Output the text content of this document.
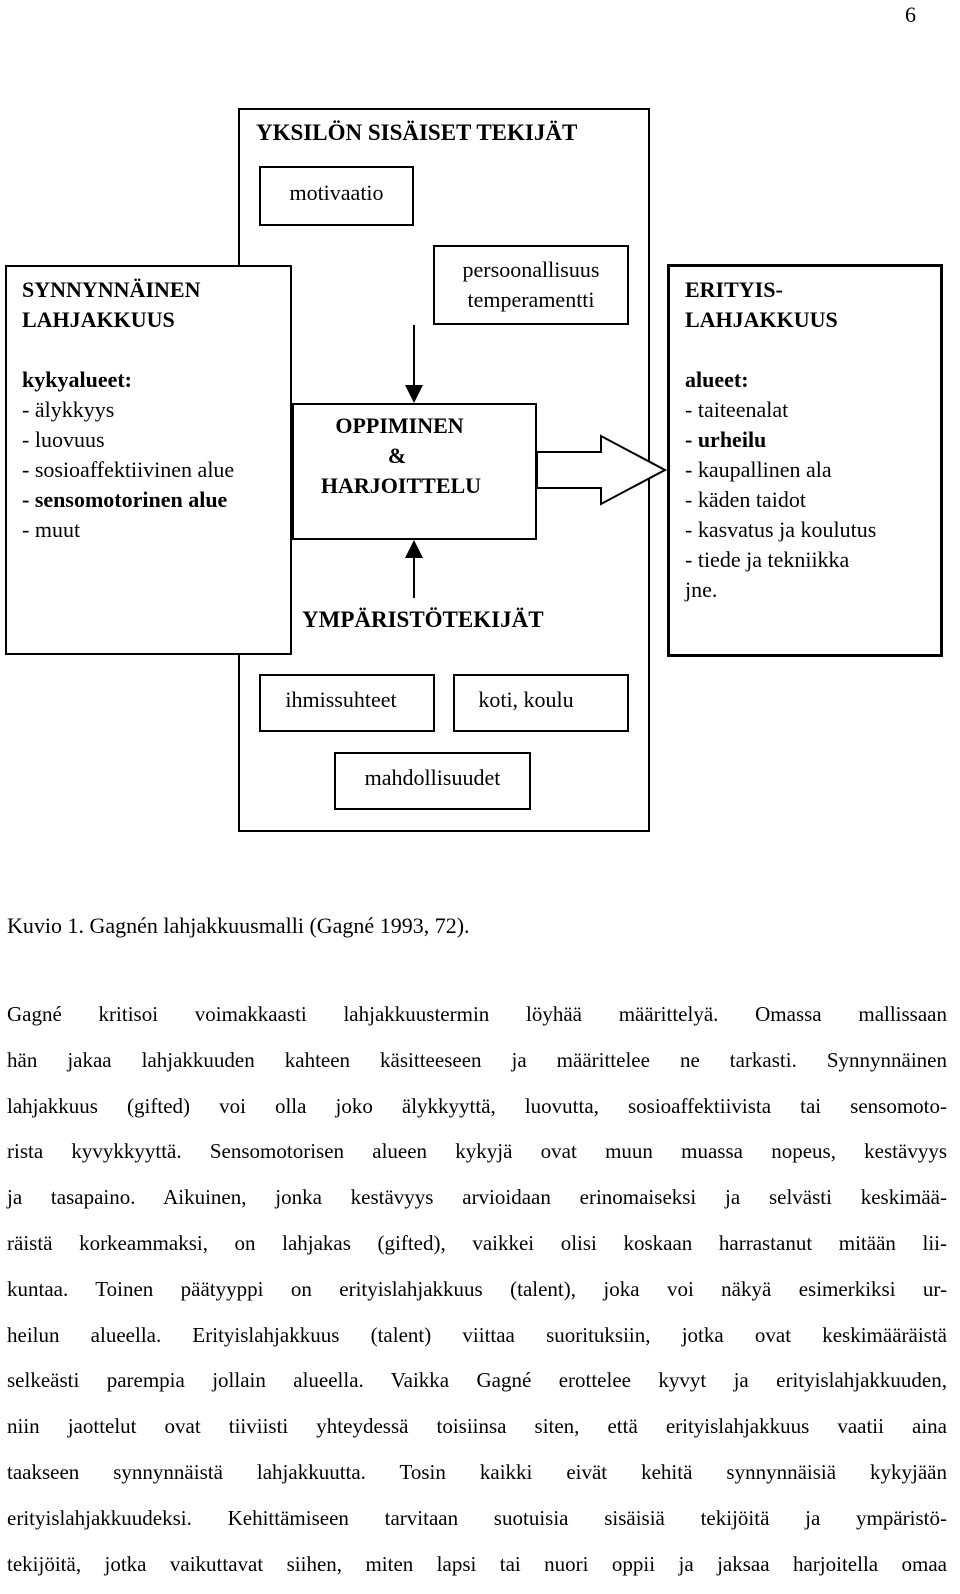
6
YKSILÖN SISÄISET TEKIJÄT
motivaatio
persoonallisuus
temperamentti
SYNNYNNÄINEN
LAHJAKKUUS
kykyalueet:
- älykkyys
- luovuus
- sosioaffektiivinen alue
- sensomotorinen alue
- muut
OPPIMINEN
&
HARJOITTELU
ERITYIS-
LAHJAKKUUS
alueet:
- taiteenalat
- urheilu
- kaupallinen ala
- käden taidot
- kasvatus ja koulutus
- tiede ja tekniikka
jne.
YMPÄRISTÖTEKIJÄT
ihmissuhteet	koti, koulu
mahdollisuudet
Kuvio 1. Gagnén lahjakkuusmalli (Gagné 1993, 72).
Gagné kritisoi voimakkaasti lahjakkuustermin löyhää määrittelyä. Omassa mallissaan
hän jakaa lahjakkuuden kahteen käsitteeseen ja määrittelee ne tarkasti. Synnynnäinen
lahjakkuus (gifted) voi olla joko älykkyyttä, luovutta, sosioaffektiivista tai sensomoto-
rista kyvykkyyttä. Sensomotorisen alueen kykyjä ovat muun muassa nopeus, kestävyys
ja tasapaino. Aikuinen, jonka kestävyys arvioidaan erinomaiseksi ja selvästi keskimää-
räistä korkeammaksi, on lahjakas (gifted), vaikkei olisi koskaan harrastanut mitään lii-
kuntaa. Toinen päätyyppi on erityislahjakkuus (talent), joka voi näkyä esimerkiksi ur-
heilun alueella. Erityislahjakkuus (talent) viittaa suorituksiin, jotka ovat keskimääräistä
selkeästi parempia jollain alueella. Vaikka Gagné erottelee kyvyt ja erityislahjakkuuden,
niin jaottelut ovat tiiviisti yhteydessä toisiinsa siten, että erityislahjakkuus vaatii aina
taakseen synnynnäistä lahjakkuutta. Tosin kaikki eivät kehitä synnynnäisiä kykyjään
erityislahjakkuudeksi. Kehittämiseen tarvitaan suotuisia sisäisiä tekijöitä ja ympäristö-
tekijöitä, jotka vaikuttavat siihen, miten lapsi tai nuori oppii ja jaksaa harjoitella omaa
